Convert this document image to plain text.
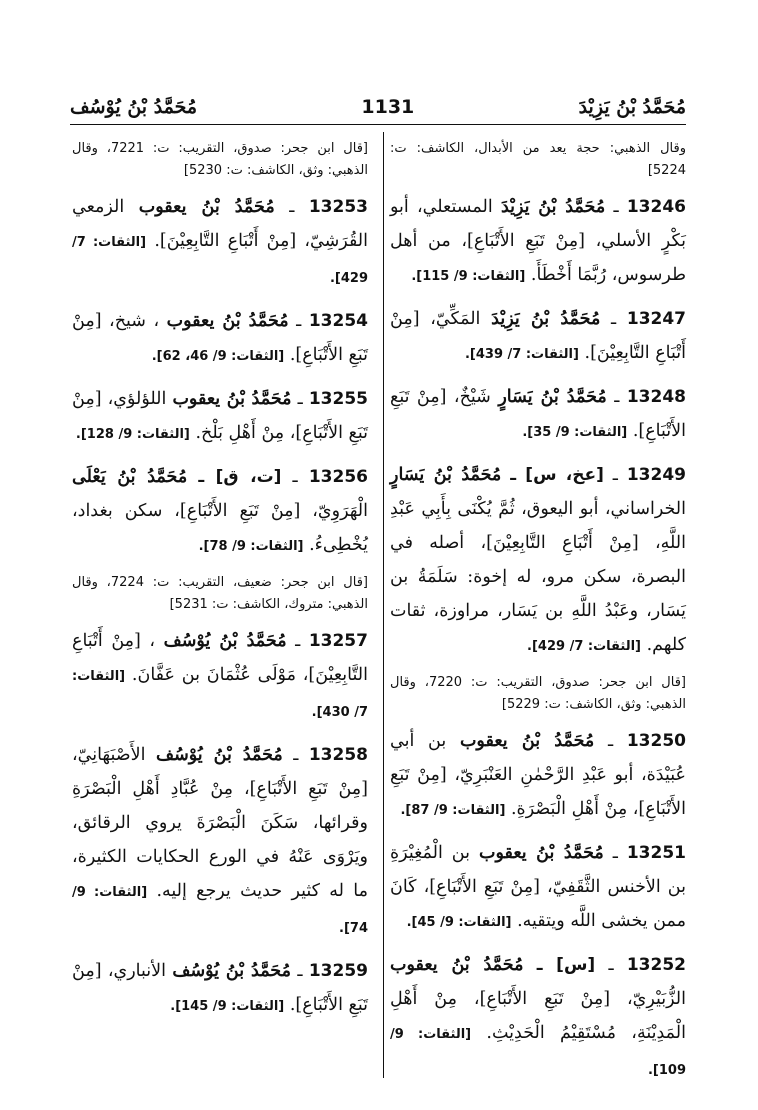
مُحَمَّدُ بْنُ يَزِيْدَ
1131
مُحَمَّدُ بْنُ يُوْسُف
وقال الذهبي: حجة يعد من الأبدال، الكاشف: ت: 5224]
13246 ـ مُحَمَّدُ بْنُ يَزِيْدَ المستعلي، أبو بَكْرٍ الأسلي، [مِنْ تَبَعِ الأَتْبَاعِ]، من أهل طرسوس، رُبَّمَا أَخْطَأَ. [الثقات: 9/ 115].
13247 ـ مُحَمَّدُ بْنُ يَزِيْدَ المَكِّيّ، [مِنْ أَتْبَاعِ التَّابِعِيْنَ]. [الثقات: 7/ 439].
13248 ـ مُحَمَّدُ بْنُ يَسَارٍ شَيْخٌ، [مِنْ تَبَعِ الأَتْبَاعِ]. [الثقات: 9/ 35].
13249 ـ [عخ، س] ـ مُحَمَّدُ بْنُ يَسَارٍ الخراساني، أبو اليعوق، ثُمَّ يُكْنَى بِأَبِي عَبْدِ اللَّهِ، [مِنْ أَتْبَاعِ التَّابِعِيْنَ]، أصله في البصرة، سكن مرو، له إخوة: سَلَمَةُ بن يَسَار، وعَبْدُ اللَّهِ بن يَسَار، مراوزة، ثقات كلهم. [الثقات: 7/ 429].
[قال ابن جحر: صدوق، التقريب: ت: 7220، وقال الذهبي: وثق، الكاشف: ت: 5229]
13250 ـ مُحَمَّدُ بْنُ يعقوب بن أبي عُبَيْدَة، أبو عَبْدِ الرَّحْمٰنِ العَنْبَرِيّ، [مِنْ تَبَعِ الأَتْبَاعِ]، مِنْ أَهْلِ الْبَصْرَةِ. [الثقات: 9/ 87].
13251 ـ مُحَمَّدُ بْنُ يعقوب بن الْمُغِيْرَةِ بن الأخنس الثَّقَفِيّ، [مِنْ تَبَعِ الأَتْبَاعِ]، كَانَ ممن يخشى اللَّه ويتقيه. [الثقات: 9/ 45].
13252 ـ [س] ـ مُحَمَّدُ بْنُ يعقوب الزُّبَيْرِيّ، [مِنْ تَبَعِ الأَتْبَاعِ]، مِنْ أَهْلِ الْمَدِيْنَةِ، مُسْتَقِيْمُ الْحَدِيْثِ. [الثقات: 9/ 109].
[قال ابن جحر: صدوق، التقريب: ت: 7221، وقال الذهبي: وثق، الكاشف: ت: 5230]
13253 ـ مُحَمَّدُ بْنُ يعقوب الزمعي القُرَشِيّ، [مِنْ أَتْبَاعِ التَّابِعِيْنَ]. [الثقات: 7/ 429].
13254 ـ مُحَمَّدُ بْنُ يعقوب ، شيخ، [مِنْ تَبَعِ الأَتْبَاعِ]. [الثقات: 9/ 46، 62].
13255 ـ مُحَمَّدُ بْنُ يعقوب اللؤلؤي، [مِنْ تَبَعِ الأَتْبَاعِ]، مِنْ أَهْلِ بَلْخ. [الثقات: 9/ 128].
13256 ـ [ت، ق] ـ مُحَمَّدُ بْنُ يَعْلَى الْهَرَوِيّ، [مِنْ تَبَعِ الأَتْبَاعِ]، سكن بغداد، يُخْطِىءُ. [الثقات: 9/ 78].
[قال ابن جحر: ضعيف، التقريب: ت: 7224، وقال الذهبي: متروك، الكاشف: ت: 5231]
13257 ـ مُحَمَّدُ بْنُ يُوْسُف ، [مِنْ أَتْبَاعِ التَّابِعِيْنَ]، مَوْلَى عُثْمَانَ بن عَفَّانَ. [الثقات: 7/ 430].
13258 ـ مُحَمَّدُ بْنُ يُوْسُف الأَصْبَهَانِيّ، [مِنْ تَبَعِ الأَتْبَاعِ]، مِنْ عُبَّادِ أَهْلِ الْبَصْرَةِ وقرائها، سَكَنَ الْبَصْرَةَ يروي الرقائق، ويَرْوَى عَنْهُ في الورع الحكايات الكثيرة، ما له كثير حديث يرجع إليه. [الثقات: 9/ 74].
13259 ـ مُحَمَّدُ بْنُ يُوْسُف الأنباري، [مِنْ تَبَعِ الأَتْبَاعِ]. [الثقات: 9/ 145].
